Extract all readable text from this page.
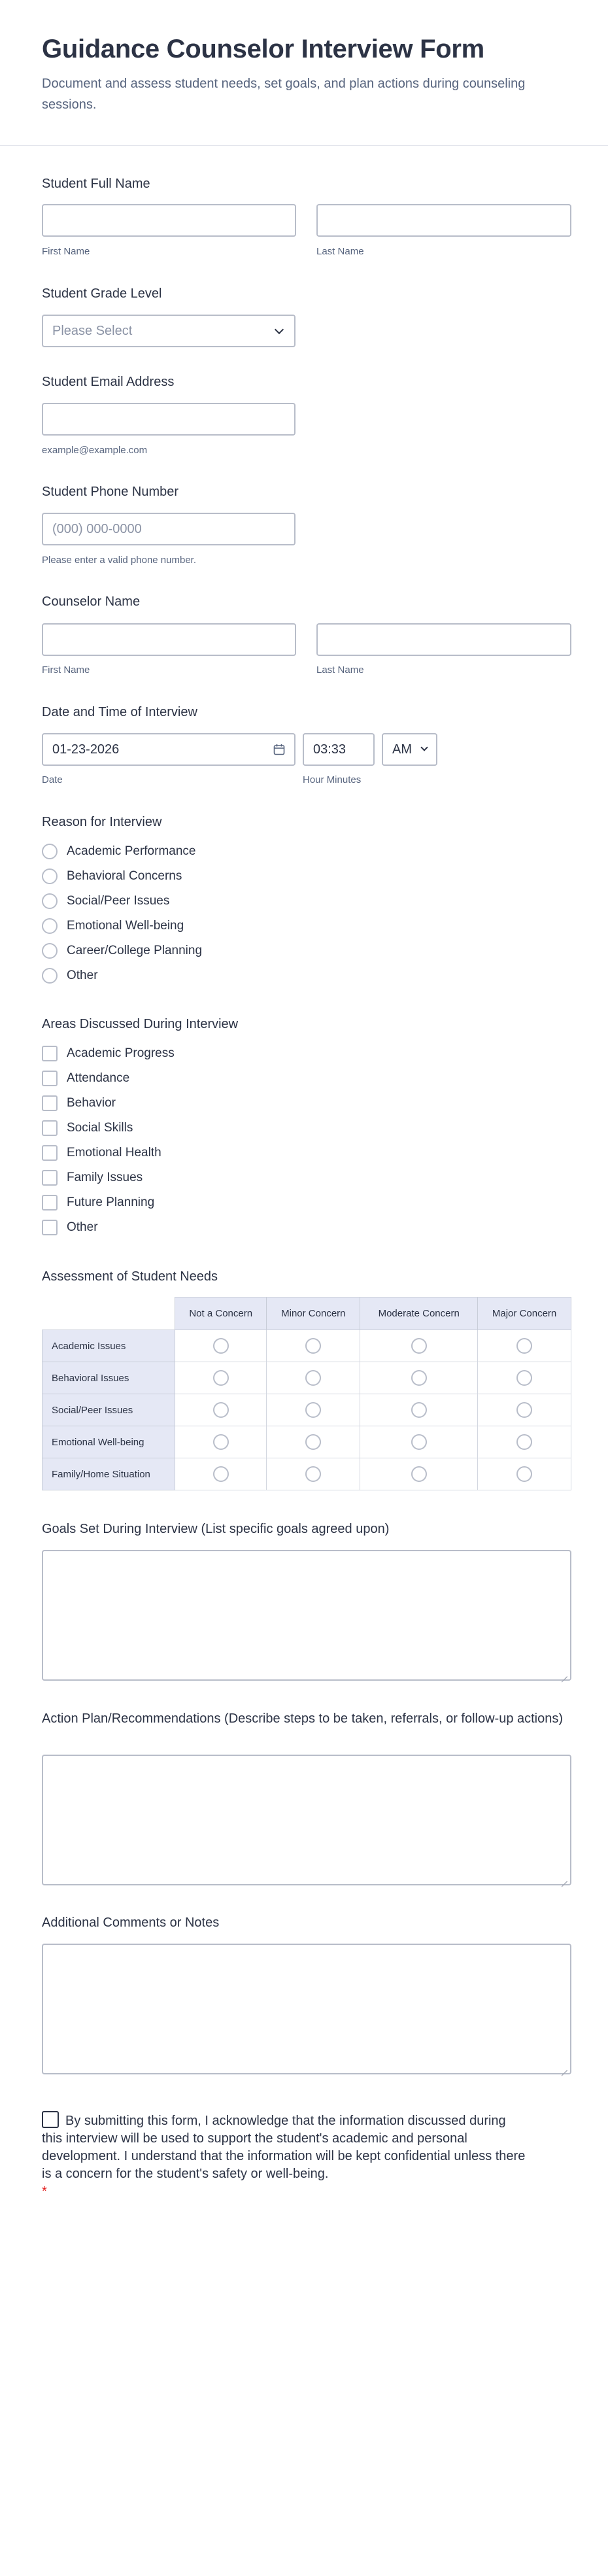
Guidance Counselor Interview Form

Document and assess student needs, set goals, and plan actions during counseling sessions.

Student Full Name
First Name	Last Name
Student Grade Level
Please Select
Student Email Address
example@example.com
Student Phone Number
(000) 000-0000
Please enter a valid phone number.
Counselor Name
First Name	Last Name
Date and Time of Interview
01-23-2026	03:33	AM
Date	Hour Minutes
Reason for Interview
Academic Performance
Behavioral Concerns
Social/Peer Issues
Emotional Well-being
Career/College Planning
Other
Areas Discussed During Interview
Academic Progress
Attendance
Behavior
Social Skills
Emotional Health
Family Issues
Future Planning
Other
Assessment of Student Needs
	Not a Concern	Minor Concern	Moderate Concern	Major Concern
Academic Issues				
Behavioral Issues				
Social/Peer Issues				
Emotional Well-being				
Family/Home Situation				
Goals Set During Interview (List specific goals agreed upon)
Action Plan/Recommendations (Describe steps to be taken, referrals, or follow-up actions)
Additional Comments or Notes
By submitting this form, I acknowledge that the information discussed during this interview will be used to support the student's academic and personal development. I understand that the information will be kept confidential unless there is a concern for the student's safety or well-being.
*
